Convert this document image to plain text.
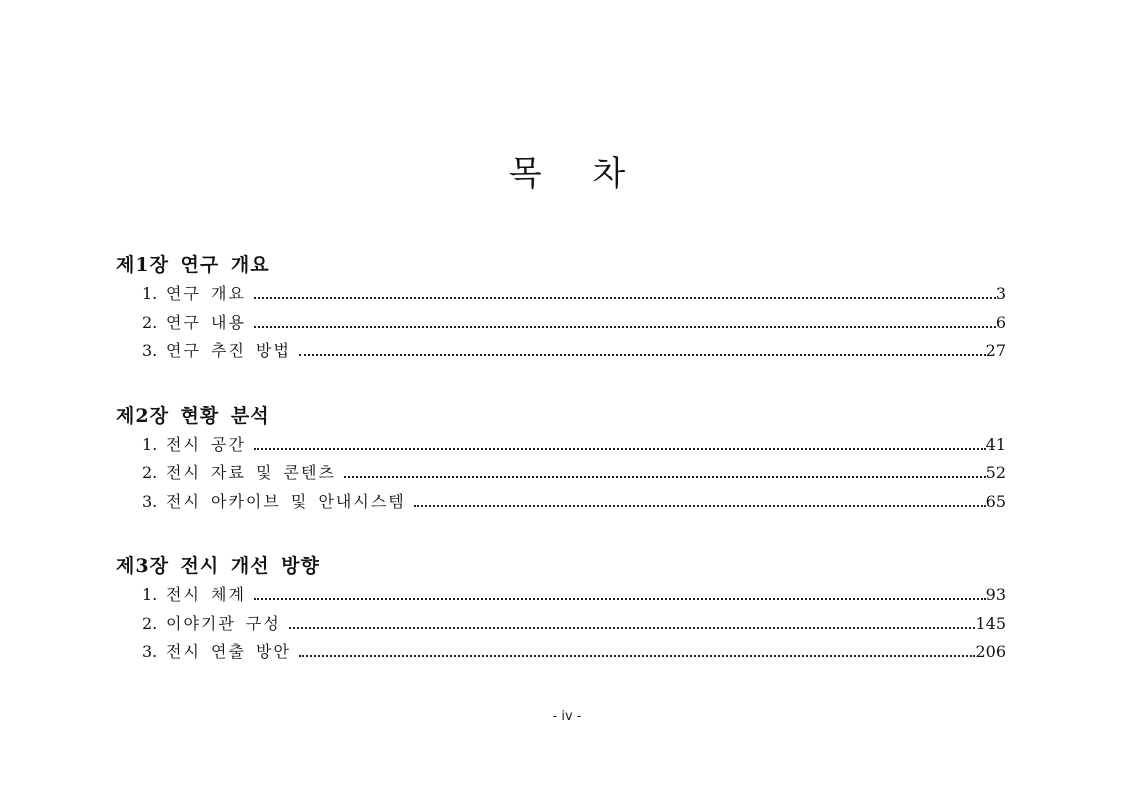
목 차
제1장 연구 개요
1. 연구 개요	3
2. 연구 내용	6
3. 연구 추진 방법	27
제2장 현황 분석
1. 전시 공간	41
2. 전시 자료 및 콘텐츠	52
3. 전시 아카이브 및 안내시스템	65
제3장 전시 개선 방향
1. 전시 체계	93
2. 이야기관 구성	145
3. 전시 연출 방안	206
- iv -
